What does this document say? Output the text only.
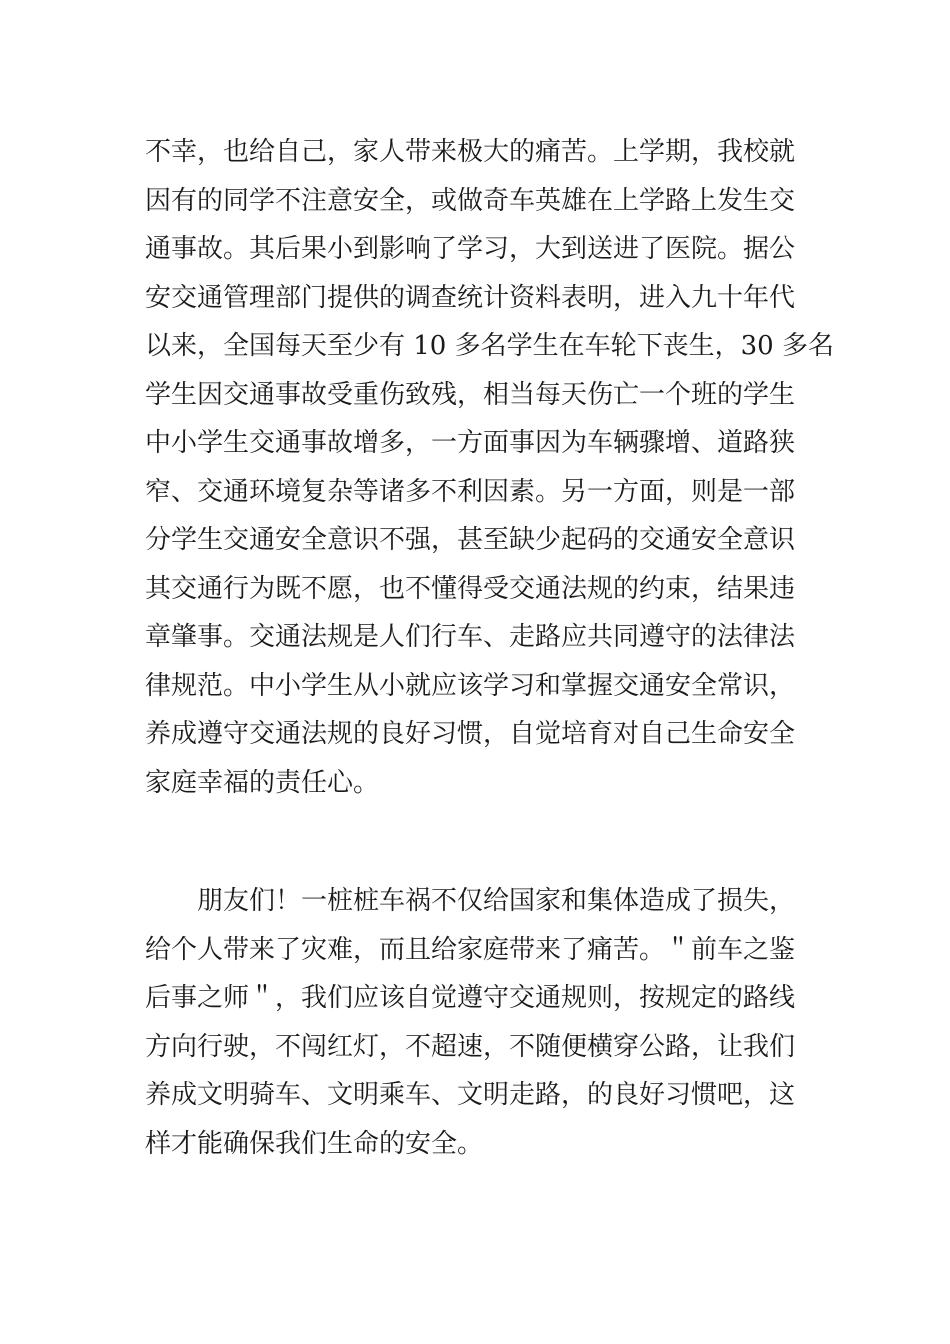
不幸，也给自己，家人带来极大的痛苦。上学期，我校就
因有的同学不注意安全，或做奇车英雄在上学路上发生交
通事故。其后果小到影响了学习，大到送进了医院。据公
安交通管理部门提供的调查统计资料表明，进入九十年代
以来，全国每天至少有 10 多名学生在车轮下丧生，30 多名
学生因交通事故受重伤致残，相当每天伤亡一个班的学生
中小学生交通事故增多，一方面事因为车辆骤增、道路狭
窄、交通环境复杂等诸多不利因素。另一方面，则是一部
分学生交通安全意识不强，甚至缺少起码的交通安全意识
其交通行为既不愿，也不懂得受交通法规的约束，结果违
章肇事。交通法规是人们行车、走路应共同遵守的法律法
律规范。中小学生从小就应该学习和掌握交通安全常识，
养成遵守交通法规的良好习惯，自觉培育对自己生命安全
家庭幸福的责任心。
朋友们！一桩桩车祸不仅给国家和集体造成了损失，
给个人带来了灾难，而且给家庭带来了痛苦。＂前车之鉴
后事之师＂，我们应该自觉遵守交通规则，按规定的路线
方向行驶，不闯红灯，不超速，不随便横穿公路，让我们
养成文明骑车、文明乘车、文明走路，的良好习惯吧，这
样才能确保我们生命的安全。
